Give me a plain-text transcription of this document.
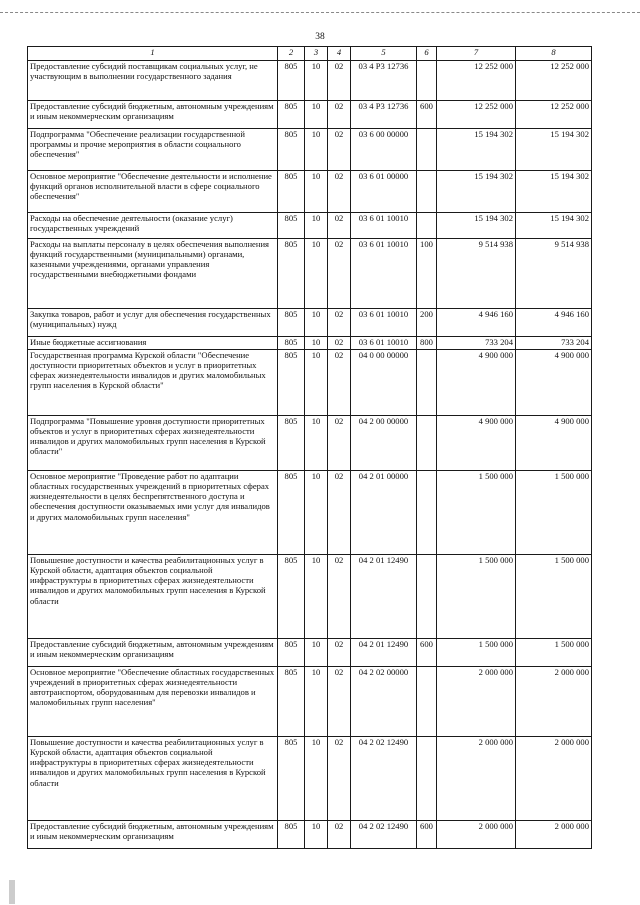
38
1	2	3	4	5	6	7	8
Предоставление субсидий поставщикам социальных услуг, не участвующим в выполнении государственного задания	805	10	02	03 4 Р3 12736		12 252 000	12 252 000
Предоставление субсидий бюджетным, автономным учреждениям и иным некоммерческим организациям	805	10	02	03 4 Р3 12736	600	12 252 000	12 252 000
Подпрограмма "Обеспечение реализации государственной программы и прочие мероприятия в области социального обеспечения"	805	10	02	03 6 00 00000		15 194 302	15 194 302
Основное мероприятие "Обеспечение деятельности и исполнение функций органов исполнительной власти в сфере социального обеспечения"	805	10	02	03 6 01 00000		15 194 302	15 194 302
Расходы на обеспечение деятельности (оказание услуг) государственных учреждений	805	10	02	03 6 01 10010		15 194 302	15 194 302
Расходы на выплаты персоналу в целях обеспечения выполнения функций государственными (муниципальными) органами, казенными учреждениями, органами управления государственными внебюджетными фондами	805	10	02	03 6 01 10010	100	9 514 938	9 514 938
Закупка товаров, работ и услуг для обеспечения государственных (муниципальных) нужд	805	10	02	03 6 01 10010	200	4 946 160	4 946 160
Иные бюджетные ассигнования	805	10	02	03 6 01 10010	800	733 204	733 204
Государственная программа Курской области "Обеспечение доступности приоритетных объектов и услуг в приоритетных сферах жизнедеятельности инвалидов и других маломобильных групп населения в Курской области"	805	10	02	04 0 00 00000		4 900 000	4 900 000
Подпрограмма "Повышение уровня доступности приоритетных объектов и услуг в приоритетных сферах жизнедеятельности инвалидов и других маломобильных групп населения в Курской области"	805	10	02	04 2 00 00000		4 900 000	4 900 000
Основное мероприятие "Проведение работ по адаптации областных государственных учреждений в приоритетных сферах жизнедеятельности в целях беспрепятственного доступа и обеспечения доступности оказываемых ими услуг для инвалидов и других маломобильных групп населения"	805	10	02	04 2 01 00000		1 500 000	1 500 000
Повышение доступности и качества реабилитационных услуг в Курской области, адаптация объектов социальной инфраструктуры в приоритетных сферах жизнедеятельности инвалидов и других маломобильных групп населения в Курской области	805	10	02	04 2 01 12490		1 500 000	1 500 000
Предоставление субсидий бюджетным, автономным учреждениям и иным некоммерческим организациям	805	10	02	04 2 01 12490	600	1 500 000	1 500 000
Основное мероприятие "Обеспечение областных государственных учреждений в приоритетных сферах жизнедеятельности автотранспортом, оборудованным для перевозки инвалидов и маломобильных групп населения"	805	10	02	04 2 02 00000		2 000 000	2 000 000
Повышение доступности и качества реабилитационных услуг в Курской области, адаптация объектов социальной инфраструктуры в приоритетных сферах жизнедеятельности инвалидов и других маломобильных групп населения в Курской области	805	10	02	04 2 02 12490		2 000 000	2 000 000
Предоставление субсидий бюджетным, автономным учреждениям и иным некоммерческим организациям	805	10	02	04 2 02 12490	600	2 000 000	2 000 000
